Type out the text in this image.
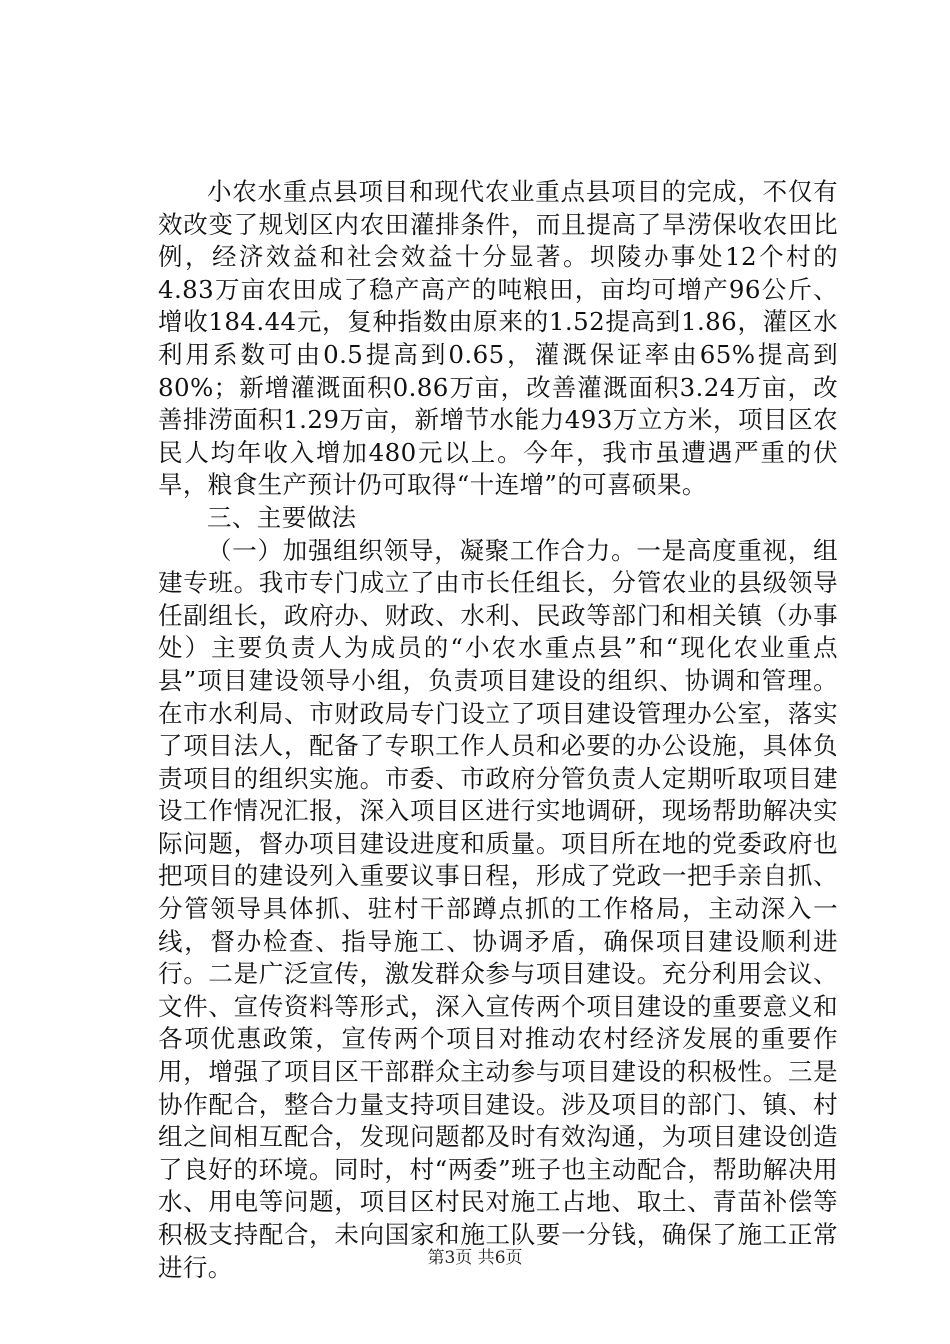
小农水重点县项目和现代农业重点县项目的完成，不仅有效改变了规划区内农田灌排条件，而且提高了旱涝保收农田比例，经济效益和社会效益十分显著。坝陵办事处12个村的4.83万亩农田成了稳产高产的吨粮田，亩均可增产96公斤、增收184.44元，复种指数由原来的1.52提高到1.86，灌区水利用系数可由0.5提高到0.65，灌溉保证率由65%提高到80%；新增灌溉面积0.86万亩，改善灌溉面积3.24万亩，改善排涝面积1.29万亩，新增节水能力493万立方米，项目区农民人均年收入增加480元以上。今年，我市虽遭遇严重的伏旱，粮食生产预计仍可取得“十连增”的可喜硕果。

三、主要做法

（一）加强组织领导，凝聚工作合力。一是高度重视，组建专班。我市专门成立了由市长任组长，分管农业的县级领导任副组长，政府办、财政、水利、民政等部门和相关镇（办事处）主要负责人为成员的“小农水重点县”和“现化农业重点县”项目建设领导小组，负责项目建设的组织、协调和管理。在市水利局、市财政局专门设立了项目建设管理办公室，落实了项目法人，配备了专职工作人员和必要的办公设施，具体负责项目的组织实施。市委、市政府分管负责人定期听取项目建设工作情况汇报，深入项目区进行实地调研，现场帮助解决实际问题，督办项目建设进度和质量。项目所在地的党委政府也把项目的建设列入重要议事日程，形成了党政一把手亲自抓、分管领导具体抓、驻村干部蹲点抓的工作格局，主动深入一线，督办检查、指导施工、协调矛盾，确保项目建设顺利进行。二是广泛宣传，激发群众参与项目建设。充分利用会议、文件、宣传资料等形式，深入宣传两个项目建设的重要意义和各项优惠政策，宣传两个项目对推动农村经济发展的重要作用，增强了项目区干部群众主动参与项目建设的积极性。三是协作配合，整合力量支持项目建设。涉及项目的部门、镇、村组之间相互配合，发现问题都及时有效沟通，为项目建设创造了良好的环境。同时，村“两委”班子也主动配合，帮助解决用水、用电等问题，项目区村民对施工占地、取土、青苗补偿等积极支持配合，未向国家和施工队要一分钱，确保了施工正常进行。	第3页 共6页
